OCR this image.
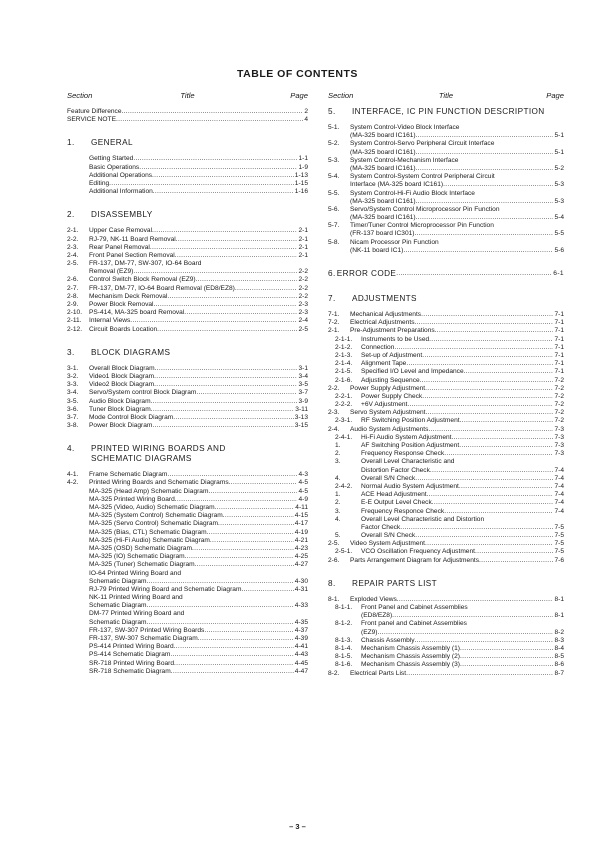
TABLE OF CONTENTS
Section	Title	Page
Feature Difference .....	2
SERVICE NOTE .....	4
1.	GENERAL
Getting Started .....	1-1
Basic Operations .....	1-9
Additional Operations .....	1-13
Editing .....	1-15
Additional Information .....	1-16
2.	DISASSEMBLY
2-1.	Upper Case Removal .....	2-1
2-2.	RJ-79, NK-11 Board Removal .....	2-1
2-3.	Rear Panel Removal .....	2-1
2-4.	Front Panel Section Removal .....	2-1
2-5. FR-137, DM-77, SW-307, IO-64 Board
Removal (EZ9) .....	2-2
2-6.	Control Switch Block Removal (EZ9) .....	2-2
2-7.	FR-137, DM-77, IO-64 Board Removal (ED8/EZ8) .....	2-2
2-8.	Mechanism Deck Removal .....	2-2
2-9.	Power Block Removal .....	2-3
2-10.	PS-414, MA-325 board Removal .....	2-3
2-11.	Internal Views .....	2-4
2-12.	Circuit Boards Location .....	2-5
3.	BLOCK DIAGRAMS
3-1.	Overall Block Diagram .....	3-1
3-2.	Video1 Block Diagram .....	3-4
3-3.	Video2 Block Diagram .....	3-5
3-4.	Servo/System control Block Diagram .....	3-7
3-5.	Audio Block Diagram .....	3-9
3-6.	Tuner Block Diagram .....	3-11
3-7.	Mode Control Block Diagram .....	3-13
3-8.	Power Block Diagram .....	3-15
4.	PRINTED WIRING BOARDS AND
SCHEMATIC DIAGRAMS
4-1.	Frame Schematic Diagram .....	4-3
4-2.	Printed Wiring Boards and Schematic Diagrams .....	4-5
MA-325 (Head Amp) Schematic Diagram .....	4-5
MA-325 Printed Wiring Board .....	4-9
MA-325 (Video, Audio) Schematic Diagram .....	4-11
MA-325 (System Control) Schematic Diagram .....	4-15
MA-325 (Servo Control) Schematic Diagram .....	4-17
MA-325 (Bias, CTL) Schematic Diagram .....	4-19
MA-325 (Hi-Fi Audio) Schematic Diagram .....	4-21
MA-325 (OSD) Schematic Diagram .....	4-23
MA-325 (IO) Schematic Diagram .....	4-25
MA-325 (Tuner) Schematic Diagram .....	4-27
IO-64 Printed Wiring Board and
Schematic Diagram .....	4-30
RJ-79 Printed Wiring Board and Schematic Diagram .....	4-31
NK-11 Printed Wiring Board and
Schematic Diagram .....	4-33
DM-77 Printed Wiring Board and
Schematic Diagram .....	4-35
FR-137, SW-307 Printed Wiring Boards .....	4-37
FR-137, SW-307 Schematic Diagram .....	4-39
PS-414 Printed Wiring Board .....	4-41
PS-414 Schematic Diagram .....	4-43
SR-718 Printed Wiring Board .....	4-45
SR-718 Schematic Diagram .....	4-47
Section	Title	Page
5.	INTERFACE, IC PIN FUNCTION DESCRIPTION
5-1. System Control-Video Block Interface
(MA-325 board IC161) .....	5-1
5-2. System Control-Servo Peripheral Circuit Interface
(MA-325 board IC161) .....	5-1
5-3. System Control-Mechanism Interface
(MA-325 board IC161) .....	5-2
5-4. System Control-System Control Peripheral Circuit
Interface (MA-325 board IC161) .....	5-3
5-5. System Control-Hi-Fi Audio Block Interface
(MA-325 board IC161) .....	5-3
5-6. Servo/System Control Microprocessor Pin Function
(MA-325 board IC161) .....	5-4
5-7. Timer/Tuner Control Microprocessor Pin Function
(FR-137 board IC301) .....	5-5
5-8. Nicam Processor Pin Function
(NK-11 board IC1) .....	5-6
6. ERROR CODE .....	6-1
7.	ADJUSTMENTS
7-1.	Mechanical Adjustments .....	7-1
7-2.	Electrical Adjustments .....	7-1
2-1.	Pre-Adjustment Preparations .....	7-1
2-1-1.	Instruments to be Used .....	7-1
2-1-2.	Connection .....	7-1
2-1-3.	Set-up of Adjustment .....	7-1
2-1-4.	Alignment Tape .....	7-1
2-1-5.	Specified I/O Level and Impedance .....	7-1
2-1-6.	Adjusting Sequence .....	7-2
2-2.	Power Supply Adjustment .....	7-2
2-2-1.	Power Supply Check .....	7-2
2-2-2.	+6V Adjustment .....	7-2
2-3.	Servo System Adjustment .....	7-2
2-3-1.	RF Switching Position Adjustment .....	7-2
2-4.	Audio System Adjustments .....	7-3
2-4-1.	Hi-Fi Audio System Adjustment .....	7-3
1.	AF Switching Position Adjustment .....	7-3
2.	Frequency Response Check .....	7-3
3.	Overall Level Characteristic and
Distortion Factor Check .....	7-4
4.	Overall S/N Check .....	7-4
2-4-2.	Normal Audio System Adjustment .....	7-4
1.	ACE Head Adjustment .....	7-4
2.	E-E Output Level Check .....	7-4
3.	Frequency Responce Check .....	7-4
4.	Overall Level Characteristic and Distortion
Factor Check .....	7-5
5.	Overall S/N Check .....	7-5
2-5.	Video System Adjustment .....	7-5
2-5-1.	VCO Oscillation Frequency Adjustment .....	7-5
2-6.	Parts Arrangement Diagram for Adjustments .....	7-6
8.	REPAIR PARTS LIST
8-1.	Exploded Views .....	8-1
8-1-1. Front Panel and Cabinet Assemblies
(ED8/EZ8) .....	8-1
8-1-2. Front panel and Cabinet Assemblies
(EZ9) .....	8-2
8-1-3.	Chassis Assembly .....	8-3
8-1-4.	Mechanism Chassis Assembly (1) .....	8-4
8-1-5.	Mechanism Chassis Assembly (2) .....	8-5
8-1-6.	Mechanism Chassis Assembly (3) .....	8-6
8-2.	Electrical Parts List .....	8-7
– 3 –
